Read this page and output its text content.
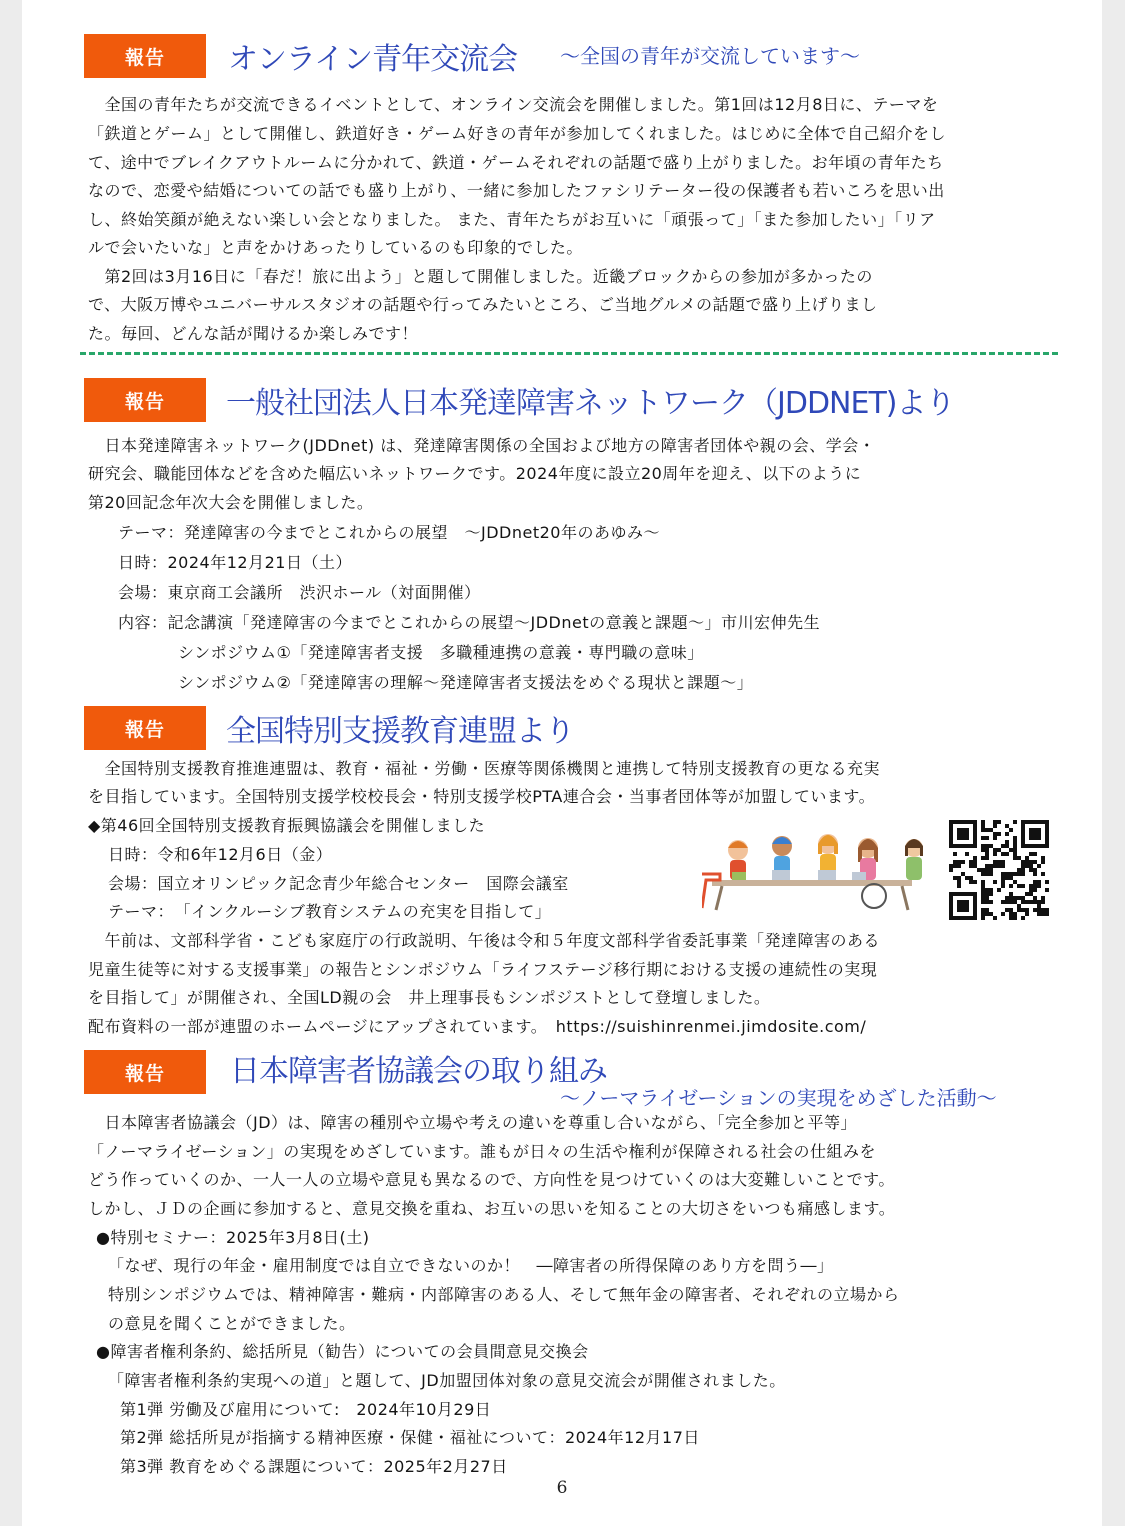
報告	オンライン青年交流会 ～全国の青年が交流しています～
　全国の青年たちが交流できるイベントとして、オンライン交流会を開催しました。第1回は12月8日に、テーマを
「鉄道とゲーム」として開催し、鉄道好き・ゲーム好きの青年が参加してくれました。はじめに全体で自己紹介をし
て、途中でブレイクアウトルームに分かれて、鉄道・ゲームそれぞれの話題で盛り上がりました。お年頃の青年たち
なので、恋愛や結婚についての話でも盛り上がり、一緒に参加したファシリテーター役の保護者も若いころを思い出
し、終始笑顔が絶えない楽しい会となりました。 また、青年たちがお互いに「頑張って」「また参加したい」「リア
ルで会いたいな」と声をかけあったりしているのも印象的でした。
　第2回は3月16日に「春だ！旅に出よう」と題して開催しました。近畿ブロックからの参加が多かったの
で、大阪万博やユニバーサルスタジオの話題や行ってみたいところ、ご当地グルメの話題で盛り上げりまし
た。毎回、どんな話が聞けるか楽しみです！
報告	一般社団法人日本発達障害ネットワーク（JDDNET)より
　日本発達障害ネットワーク(JDDnet) は、発達障害関係の全国および地方の障害者団体や親の会、学会・
研究会、職能団体などを含めた幅広いネットワークです。2024年度に設立20周年を迎え、以下のように
第20回記念年次大会を開催しました。
テーマ：発達障害の今までとこれからの展望　～JDDnet20年のあゆみ～
日時：2024年12月21日（土）
会場：東京商工会議所　渋沢ホール（対面開催）
内容：記念講演「発達障害の今までとこれからの展望～JDDnetの意義と課題～」市川宏伸先生
シンポジウム①「発達障害者支援　多職種連携の意義・専門職の意味」
シンポジウム②「発達障害の理解～発達障害者支援法をめぐる現状と課題～」
報告	全国特別支援教育連盟より
　全国特別支援教育推進連盟は、教育・福祉・労働・医療等関係機関と連携して特別支援教育の更なる充実
を目指しています。全国特別支援学校校長会・特別支援学校PTA連合会・当事者団体等が加盟しています。
◆第46回全国特別支援教育振興協議会を開催しました
日時：令和6年12月6日（金）
会場：国立オリンピック記念青少年総合センター　国際会議室
テーマ：　「インクルーシブ教育システムの充実を目指して」
　午前は、文部科学省・こども家庭庁の行政説明、午後は令和５年度文部科学省委託事業「発達障害のある
児童生徒等に対する支援事業」の報告とシンポジウム「ライフステージ移行期における支援の連続性の実現
を目指して」が開催され、全国LD親の会　井上理事長もシンポジストとして登壇しました。
配布資料の一部が連盟のホームページにアップされています。　https://suishinrenmei.jimdosite.com/
報告	日本障害者協議会の取り組み
～ノーマライゼーションの実現をめざした活動～
　日本障害者協議会（JD）は、障害の種別や立場や考えの違いを尊重し合いながら、「完全参加と平等」
「ノーマライゼーション」の実現をめざしています。誰もが日々の生活や権利が保障される社会の仕組みを
どう作っていくのか、一人一人の立場や意見も異なるので、方向性を見つけていくのは大変難しいことです。
しかし、ＪＤの企画に参加すると、意見交換を重ね、お互いの思いを知ることの大切さをいつも痛感します。
●特別セミナー：2025年3月8日(土)
「なぜ、現行の年金・雇用制度では自立できないのか！　―障害者の所得保障のあり方を問う―」
特別シンポジウムでは、精神障害・難病・内部障害のある人、そして無年金の障害者、それぞれの立場から
の意見を聞くことができました。
●障害者権利条約、総括所見（勧告）についての会員間意見交換会
「障害者権利条約実現への道」と題して、JD加盟団体対象の意見交流会が開催されました。
第1弾 労働及び雇用について:　2024年10月29日
第2弾 総括所見が指摘する精神医療・保健・福祉について：2024年12月17日
第3弾 教育をめぐる課題について：2025年2月27日
6
